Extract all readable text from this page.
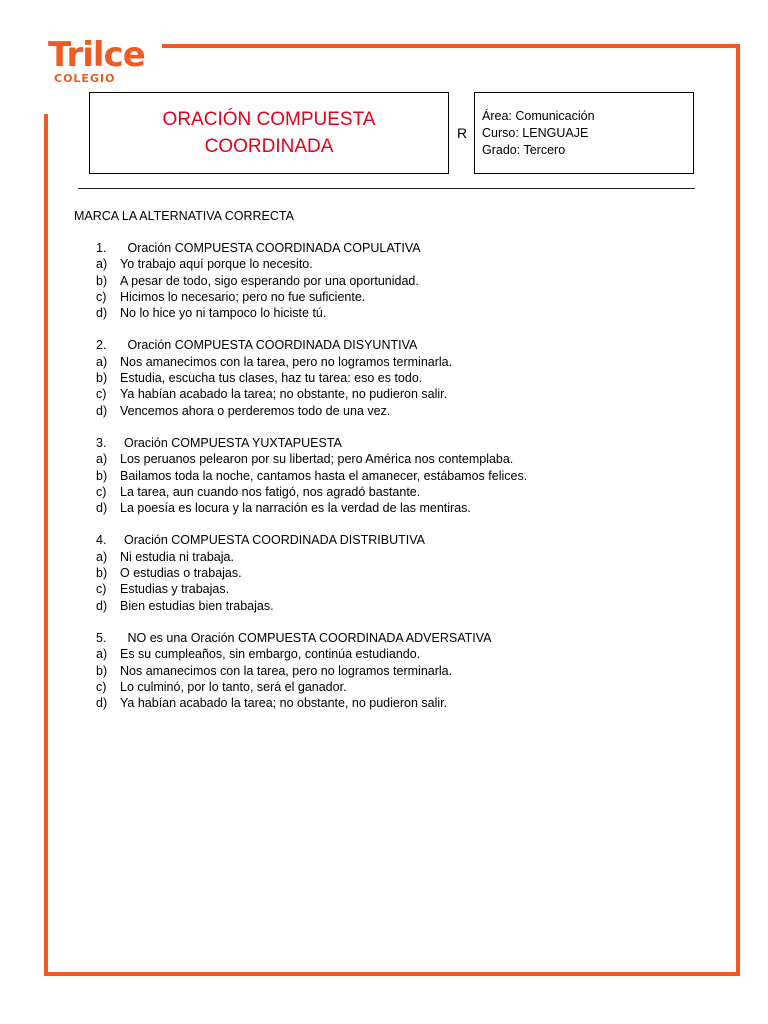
Trilce
COLEGIO
ORACIÓN COMPUESTA
COORDINADA
R
Área: Comunicación
Curso: LENGUAJE
Grado: Tercero
MARCA LA ALTERNATIVA CORRECTA
1.	Oración COMPUESTA COORDINADA COPULATIVA
a)	Yo trabajo aquí porque lo necesito.
b)	A pesar de todo, sigo esperando por una oportunidad.
c)	Hicimos lo necesario; pero no fue suficiente.
d)	No lo hice yo ni tampoco lo hiciste tú.
2.	Oración COMPUESTA COORDINADA DISYUNTIVA
a)	Nos amanecimos con la tarea, pero no logramos terminarla.
b)	Estudia, escucha tus clases, haz tu tarea: eso es todo.
c)	Ya habían acabado la tarea; no obstante, no pudieron salir.
d)	Vencemos ahora o perderemos todo de una vez.
3.	Oración COMPUESTA YUXTAPUESTA
a)	Los peruanos pelearon por su libertad; pero América nos contemplaba.
b)	Bailamos toda la noche, cantamos hasta el amanecer, estábamos felices.
c)	La tarea, aun cuando nos fatigó, nos agradó bastante.
d)	La poesía es locura y la narración es la verdad de las mentiras.
4.	Oración COMPUESTA COORDINADA DISTRIBUTIVA
a)	Ni estudia ni trabaja.
b)	O estudias o trabajas.
c)	Estudias y trabajas.
d)	Bien estudias bien trabajas.
5.	NO es una Oración COMPUESTA COORDINADA ADVERSATIVA
a)	Es su cumpleaños, sin embargo, continúa estudiando.
b)	Nos amanecimos con la tarea, pero no logramos terminarla.
c)	Lo culminó, por lo tanto, será el ganador.
d)	Ya habían acabado la tarea; no obstante, no pudieron salir.
